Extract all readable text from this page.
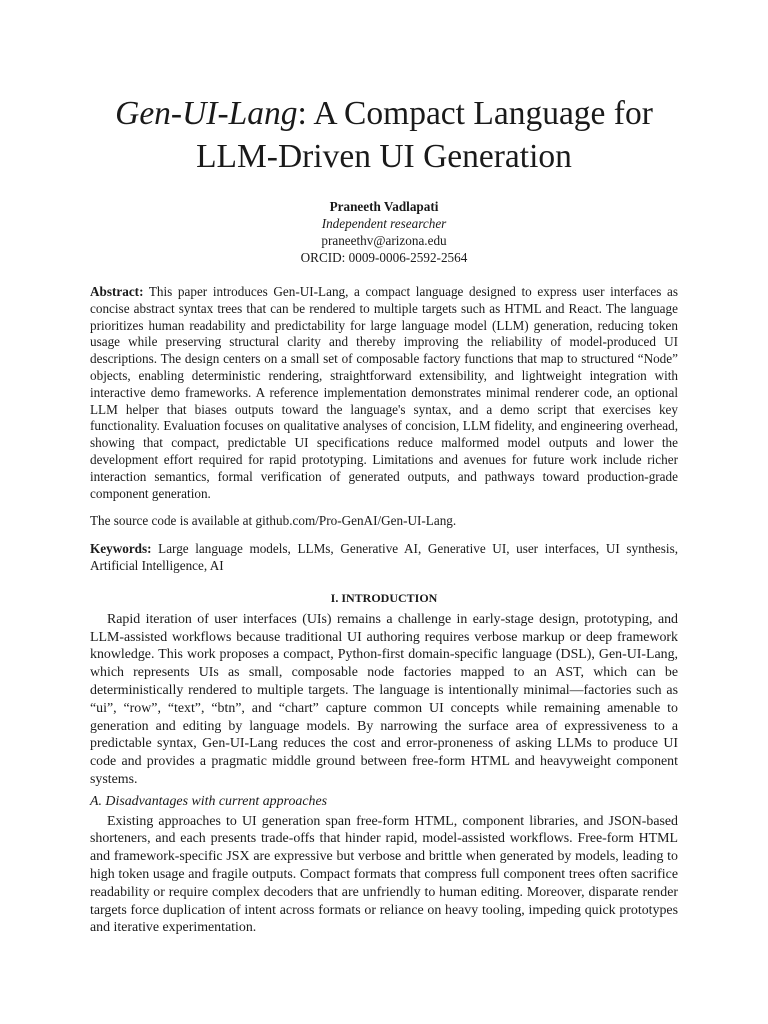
Gen-UI-Lang: A Compact Language for LLM-Driven UI Generation
Praneeth Vadlapati
Independent researcher
praneethv@arizona.edu
ORCID: 0009-0006-2592-2564

Abstract: This paper introduces Gen-UI-Lang, a compact language designed to express user interfaces as concise abstract syntax trees that can be rendered to multiple targets such as HTML and React. The language prioritizes human readability and predictability for large language model (LLM) generation, reducing token usage while preserving structural clarity and thereby improving the reliability of model-produced UI descriptions. The design centers on a small set of composable factory functions that map to structured “Node” objects, enabling deterministic rendering, straightforward extensibility, and lightweight integration with interactive demo frameworks. A reference implementation demonstrates minimal renderer code, an optional LLM helper that biases outputs toward the language's syntax, and a demo script that exercises key functionality. Evaluation focuses on qualitative analyses of concision, LLM fidelity, and engineering overhead, showing that compact, predictable UI specifications reduce malformed model outputs and lower the development effort required for rapid prototyping. Limitations and avenues for future work include richer interaction semantics, formal verification of generated outputs, and pathways toward production-grade component generation.

The source code is available at github.com/Pro-GenAI/Gen-UI-Lang.

Keywords: Large language models, LLMs, Generative AI, Generative UI, user interfaces, UI synthesis, Artificial Intelligence, AI

I. INTRODUCTION

Rapid iteration of user interfaces (UIs) remains a challenge in early-stage design, prototyping, and LLM-assisted workflows because traditional UI authoring requires verbose markup or deep framework knowledge. This work proposes a compact, Python-first domain-specific language (DSL), Gen-UI-Lang, which represents UIs as small, composable node factories mapped to an AST, which can be deterministically rendered to multiple targets. The language is intentionally minimal—factories such as “ui”, “row”, “text”, “btn”, and “chart” capture common UI concepts while remaining amenable to generation and editing by language models. By narrowing the surface area of expressiveness to a predictable syntax, Gen-UI-Lang reduces the cost and error-proneness of asking LLMs to produce UI code and provides a pragmatic middle ground between free-form HTML and heavyweight component systems.

A. Disadvantages with current approaches

Existing approaches to UI generation span free-form HTML, component libraries, and JSON-based shorteners, and each presents trade-offs that hinder rapid, model-assisted workflows. Free-form HTML and framework-specific JSX are expressive but verbose and brittle when generated by models, leading to high token usage and fragile outputs. Compact formats that compress full component trees often sacrifice readability or require complex decoders that are unfriendly to human editing. Moreover, disparate render targets force duplication of intent across formats or reliance on heavy tooling, impeding quick prototypes and iterative experimentation.
